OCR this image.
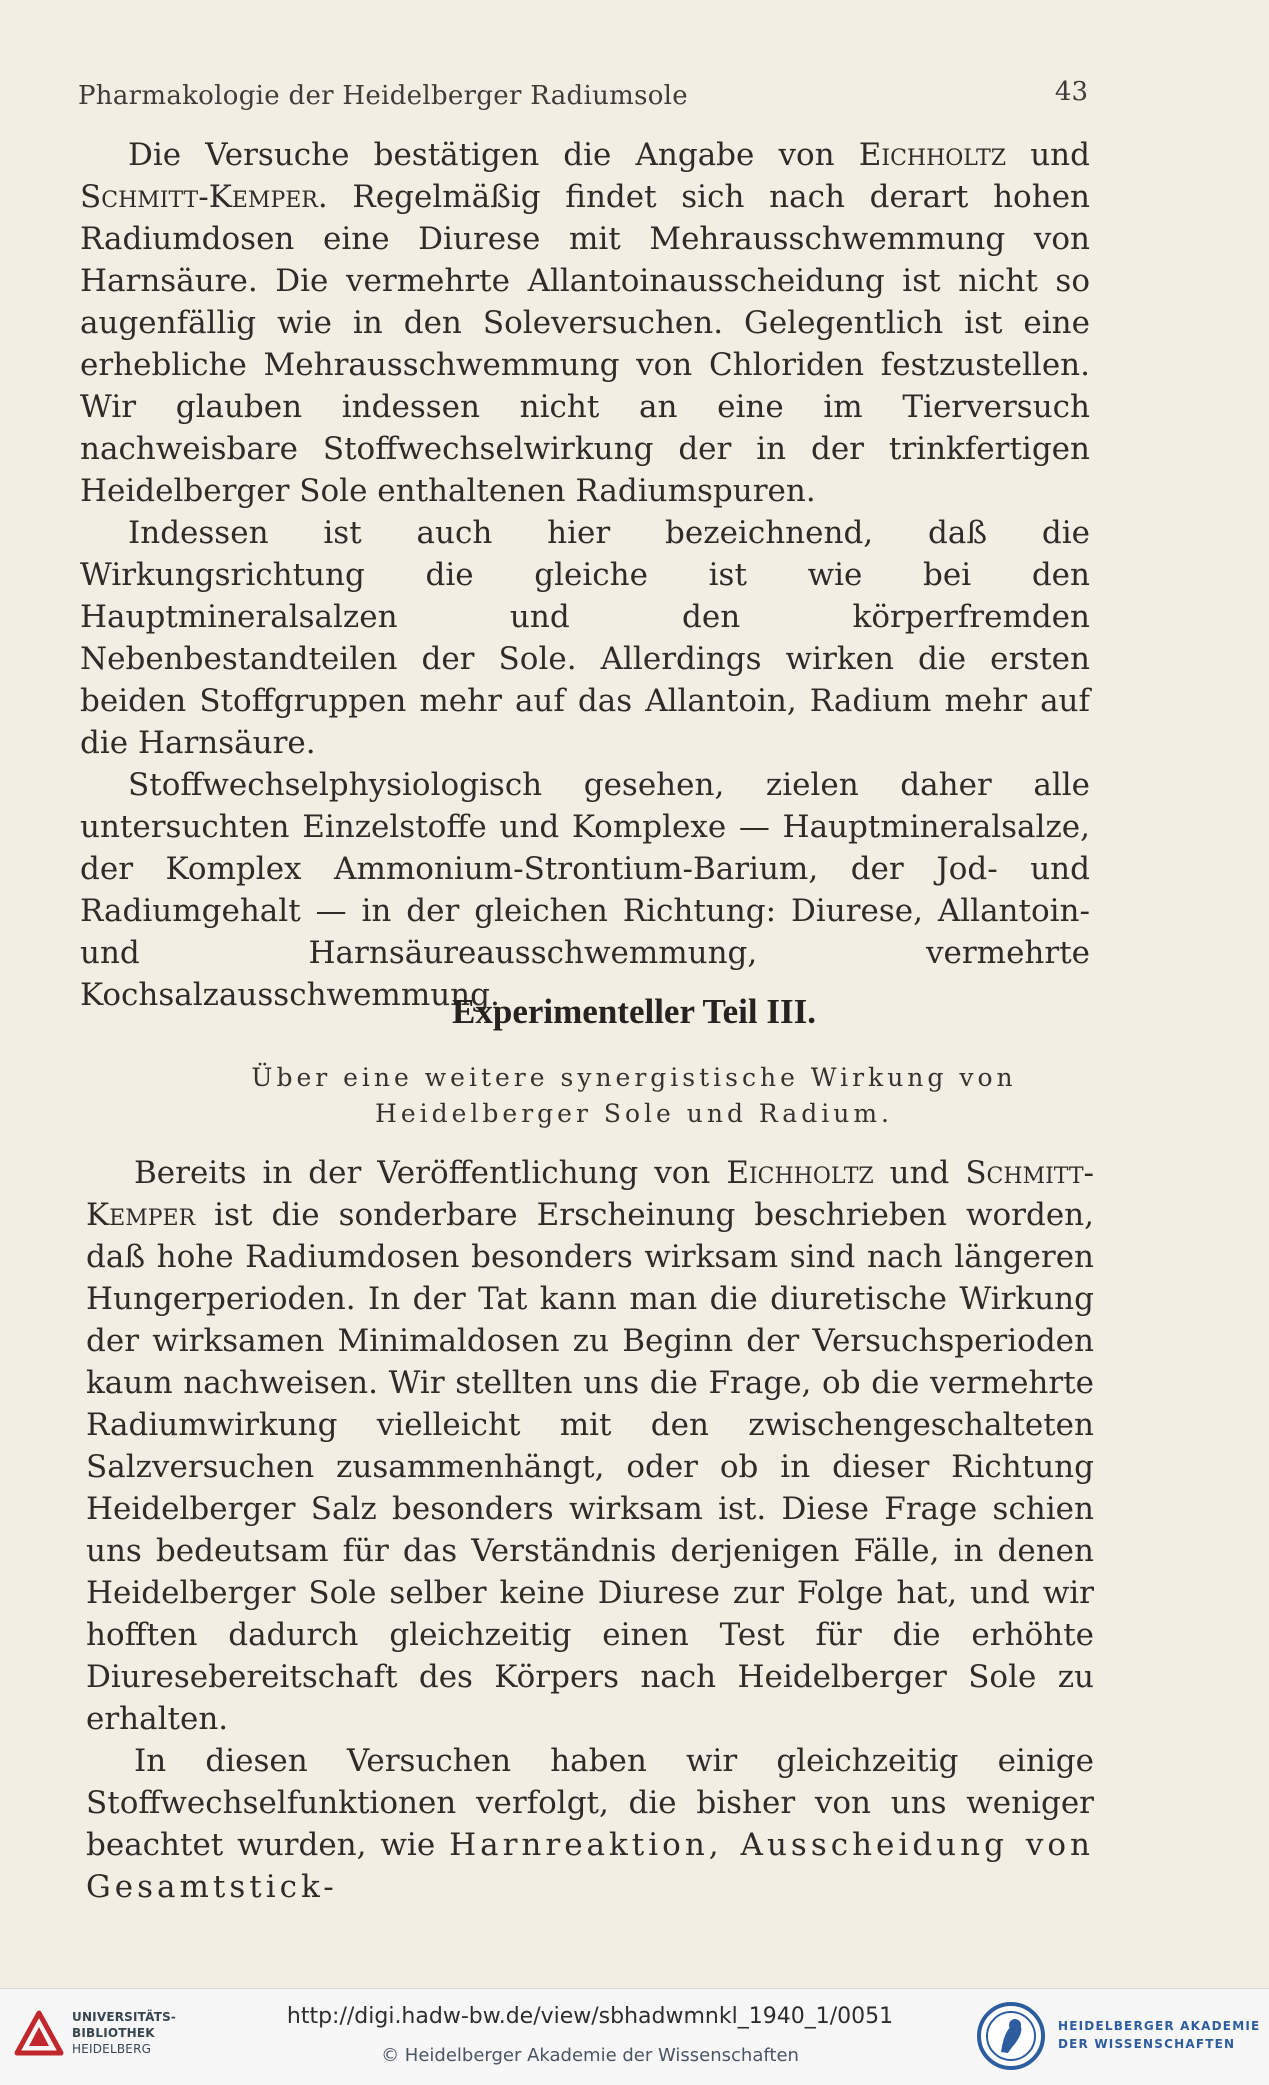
Pharmakologie der Heidelberger Radiumsole	43

Die Versuche bestätigen die Angabe von Eichholtz und Schmitt-Kemper. Regelmäßig findet sich nach derart hohen Radiumdosen eine Diurese mit Mehrausschwemmung von Harnsäure. Die vermehrte Allantoinausscheidung ist nicht so augenfällig wie in den Soleversuchen. Gelegentlich ist eine erhebliche Mehrausschwemmung von Chloriden festzustellen. Wir glauben indessen nicht an eine im Tierversuch nachweisbare Stoffwechselwirkung der in der trinkfertigen Heidelberger Sole enthaltenen Radiumspuren.

Indessen ist auch hier bezeichnend, daß die Wirkungsrichtung die gleiche ist wie bei den Hauptmineralsalzen und den körperfremden Nebenbestandteilen der Sole. Allerdings wirken die ersten beiden Stoffgruppen mehr auf das Allantoin, Radium mehr auf die Harnsäure.

Stoffwechselphysiologisch gesehen, zielen daher alle untersuchten Einzelstoffe und Komplexe — Hauptmineralsalze, der Komplex Ammonium-Strontium-Barium, der Jod- und Radiumgehalt — in der gleichen Richtung: Diurese, Allantoin- und Harnsäureausschwemmung, vermehrte Kochsalzausschwemmung.

Experimenteller Teil III.
Über eine weitere synergistische Wirkung von
Heidelberger Sole und Radium.

Bereits in der Veröffentlichung von Eichholtz und Schmitt-Kemper ist die sonderbare Erscheinung beschrieben worden, daß hohe Radiumdosen besonders wirksam sind nach längeren Hungerperioden. In der Tat kann man die diuretische Wirkung der wirksamen Minimaldosen zu Beginn der Versuchsperioden kaum nachweisen. Wir stellten uns die Frage, ob die vermehrte Radiumwirkung vielleicht mit den zwischengeschalteten Salzversuchen zusammenhängt, oder ob in dieser Richtung Heidelberger Salz besonders wirksam ist. Diese Frage schien uns bedeutsam für das Verständnis derjenigen Fälle, in denen Heidelberger Sole selber keine Diurese zur Folge hat, und wir hofften dadurch gleichzeitig einen Test für die erhöhte Diuresebereitschaft des Körpers nach Heidelberger Sole zu erhalten.

In diesen Versuchen haben wir gleichzeitig einige Stoffwechselfunktionen verfolgt, die bisher von uns weniger beachtet wurden, wie Harnreaktion, Ausscheidung von Gesamtstick-

UNIVERSITÄTS-
BIBLIOTHEK
HEIDELBERG
http://digi.hadw-bw.de/view/sbhadwmnkl_1940_1/0051
© Heidelberger Akademie der Wissenschaften
HEIDELBERGER AKADEMIE
DER WISSENSCHAFTEN
